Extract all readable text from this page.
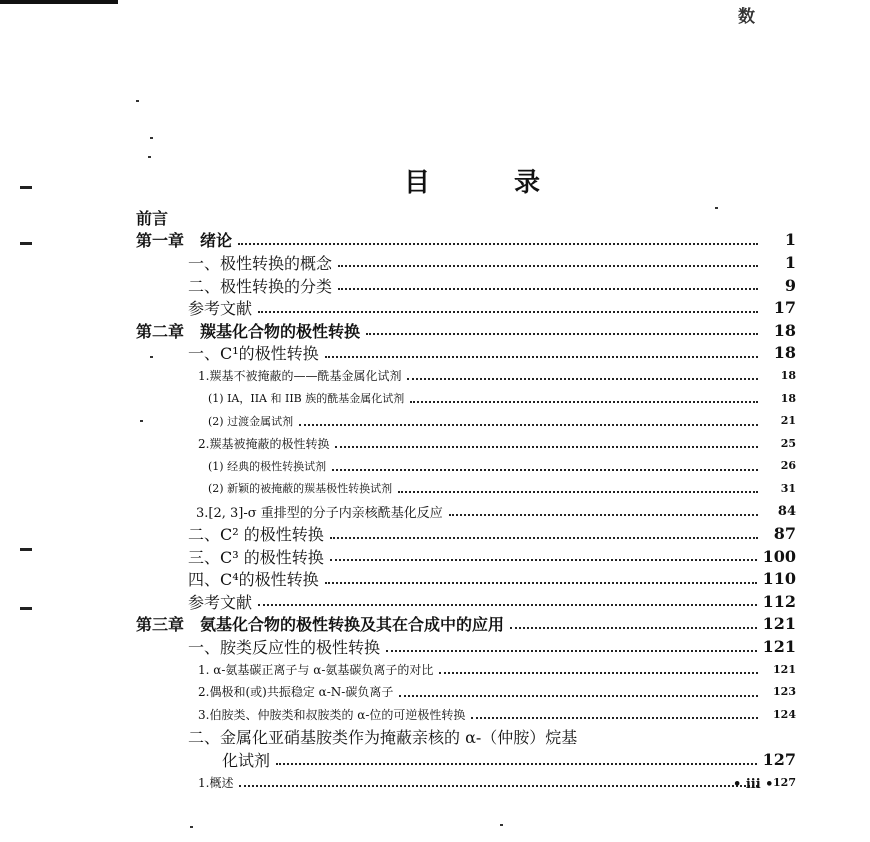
数
目	录
前言
第一章　绪论	1
一、极性转换的概念	1
二、极性转换的分类	9
参考文献	17
第二章　羰基化合物的极性转换	18
一、C¹的极性转换	18
1.羰基不被掩蔽的——酰基金属化试剂	18
(1) IA，IIA 和 IIB 族的酰基金属化试剂	18
(2) 过渡金属试剂	21
2.羰基被掩蔽的极性转换	25
(1) 经典的极性转换试剂	26
(2) 新颖的被掩蔽的羰基极性转换试剂	31
3.[2, 3]-σ 重排型的分子内亲核酰基化反应	84
二、C² 的极性转换	87
三、C³ 的极性转换	100
四、C⁴的极性转换	110
参考文献	112
第三章　氨基化合物的极性转换及其在合成中的应用	121
一、胺类反应性的极性转换	121
1. α-氨基碳正离子与 α-氨基碳负离子的对比	121
2.偶极和(或)共振稳定 α-N-碳负离子	123
3.伯胺类、仲胺类和叔胺类的 α-位的可逆极性转换	124
二、金属化亚硝基胺类作为掩蔽亲核的 α-（仲胺）烷基
化试剂	127
1.概述	127
• iii •
